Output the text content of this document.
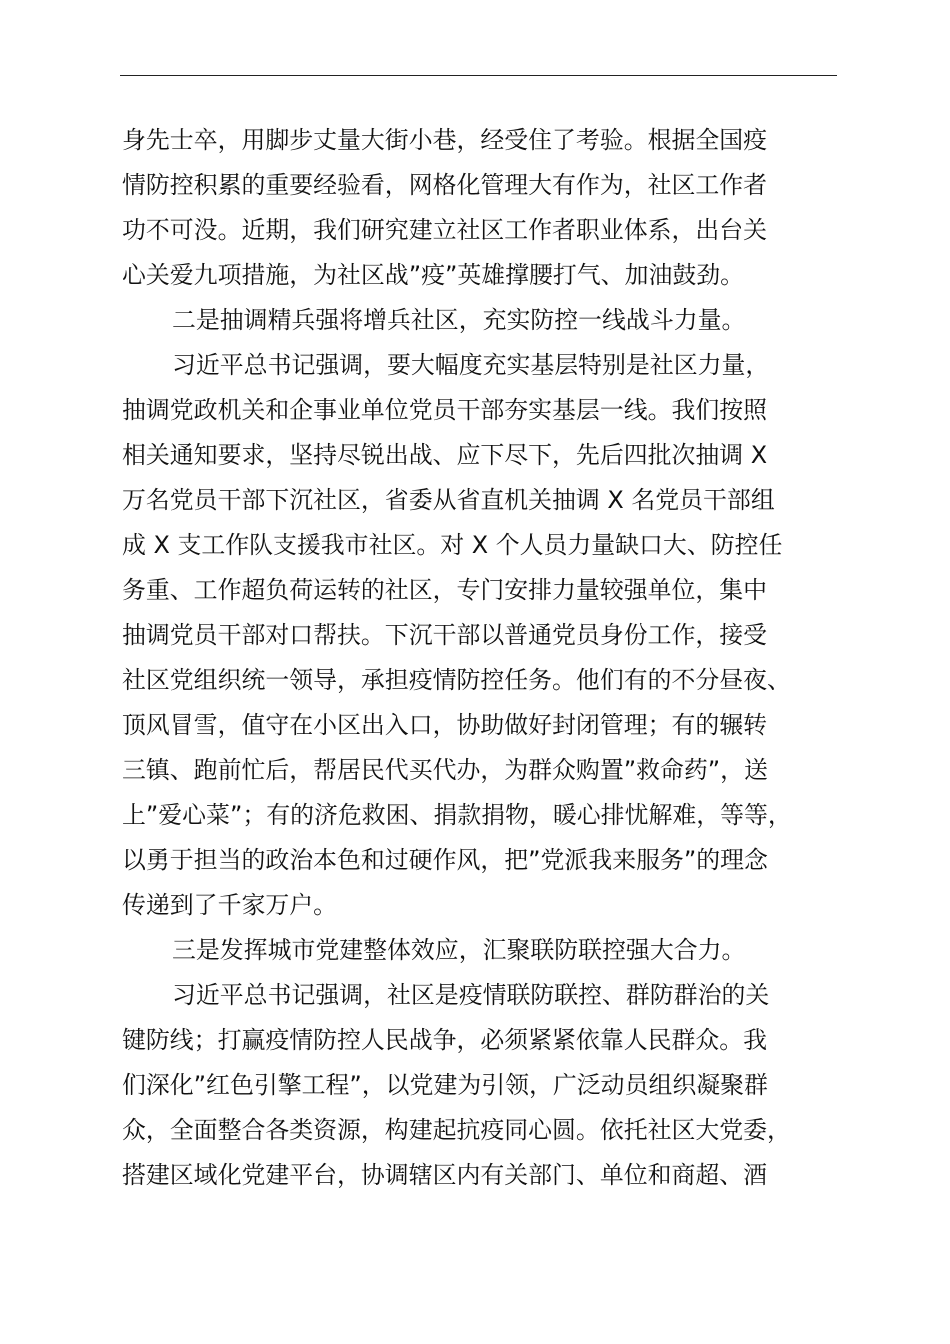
身先士卒，用脚步丈量大街小巷，经受住了考验。根据全国疫
情防控积累的重要经验看，网格化管理大有作为，社区工作者
功不可没。近期，我们研究建立社区工作者职业体系，出台关
心关爱九项措施，为社区战”疫”英雄撑腰打气、加油鼓劲。
二是抽调精兵强将增兵社区，充实防控一线战斗力量。
习近平总书记强调，要大幅度充实基层特别是社区力量，
抽调党政机关和企事业单位党员干部夯实基层一线。我们按照
相关通知要求，坚持尽锐出战、应下尽下，先后四批次抽调 X
万名党员干部下沉社区，省委从省直机关抽调 X 名党员干部组
成 X 支工作队支援我市社区。对 X 个人员力量缺口大、防控任
务重、工作超负荷运转的社区，专门安排力量较强单位，集中
抽调党员干部对口帮扶。下沉干部以普通党员身份工作，接受
社区党组织统一领导，承担疫情防控任务。他们有的不分昼夜、
顶风冒雪，值守在小区出入口，协助做好封闭管理；有的辗转
三镇、跑前忙后，帮居民代买代办，为群众购置”救命药”，送
上”爱心菜”；有的济危救困、捐款捐物，暖心排忧解难，等等，
以勇于担当的政治本色和过硬作风，把”党派我来服务”的理念
传递到了千家万户。
三是发挥城市党建整体效应，汇聚联防联控强大合力。
习近平总书记强调，社区是疫情联防联控、群防群治的关
键防线；打赢疫情防控人民战争，必须紧紧依靠人民群众。我
们深化”红色引擎工程”，以党建为引领，广泛动员组织凝聚群
众，全面整合各类资源，构建起抗疫同心圆。依托社区大党委，
搭建区域化党建平台，协调辖区内有关部门、单位和商超、酒
